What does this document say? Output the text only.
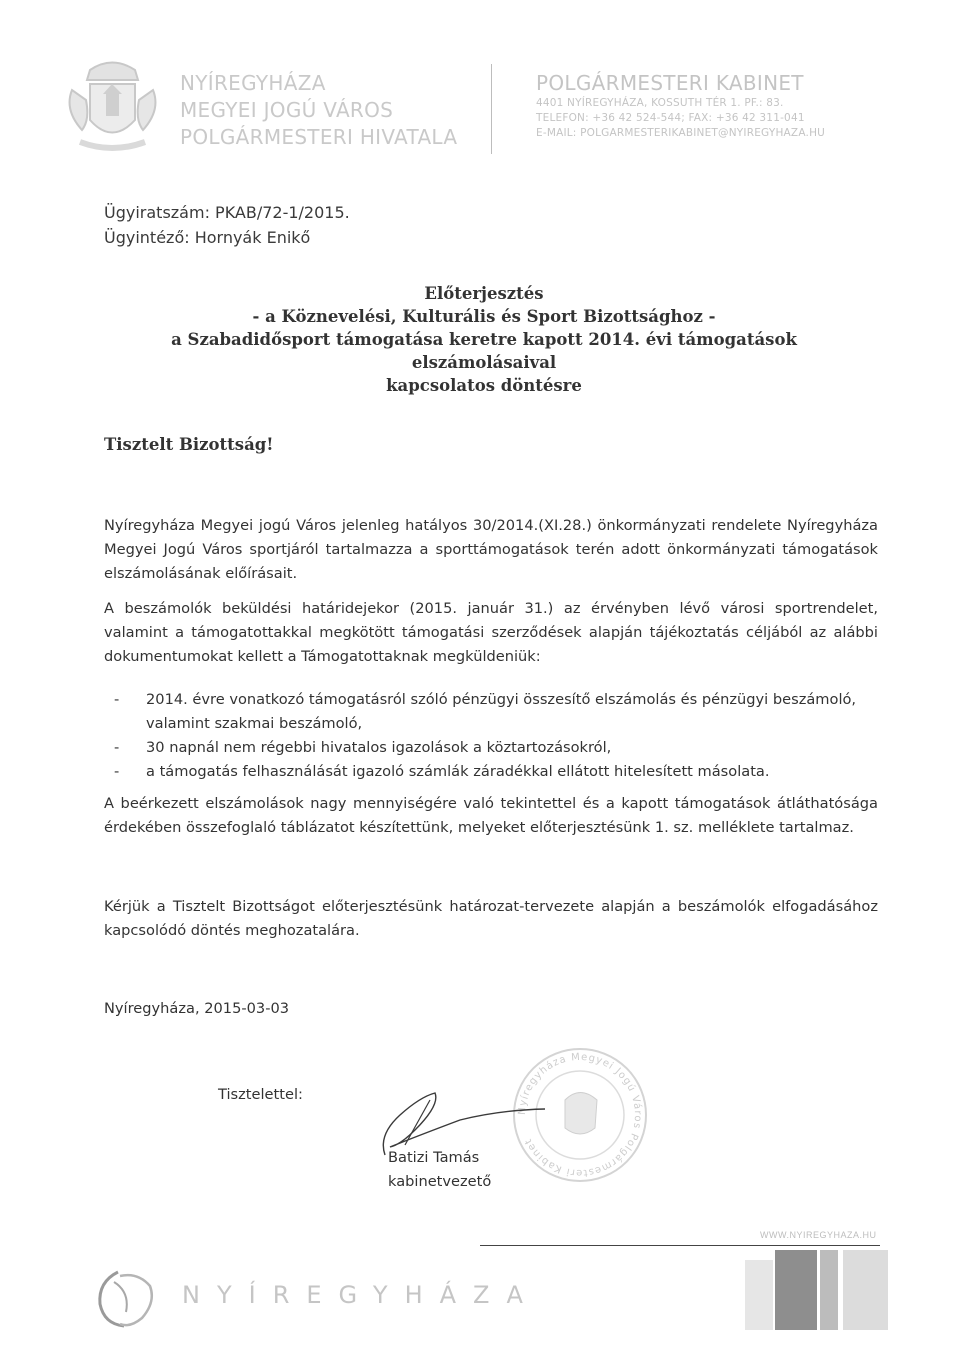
NYÍREGYHÁZA
MEGYEI JOGÚ VÁROS
POLGÁRMESTERI HIVATALA
POLGÁRMESTERI KABINET
4401 NYÍREGYHÁZA, KOSSUTH TÉR 1. PF.: 83.
TELEFON: +36 42 524-544; FAX: +36 42 311-041
E-MAIL: POLGARMESTERIKABINET@NYIREGYHAZA.HU
Ügyiratszám: PKAB/72-1/2015.
Ügyintéző: Hornyák Enikő
Előterjesztés
- a Köznevelési, Kulturális és Sport Bizottsághoz -
a Szabadidősport támogatása keretre kapott 2014. évi támogatások elszámolásaival
kapcsolatos döntésre
Tisztelt Bizottság!
Nyíregyháza Megyei jogú Város jelenleg hatályos 30/2014.(XI.28.) önkormányzati rendelete Nyíregyháza Megyei Jogú Város sportjáról tartalmazza a sporttámogatások terén adott önkormányzati támogatások elszámolásának előírásait.
A beszámolók beküldési határidejekor (2015. január 31.) az érvényben lévő városi sportrendelet, valamint a támogatottakkal megkötött támogatási szerződések alapján tájékoztatás céljából az alábbi dokumentumokat kellett a Támogatottaknak megküldeniük:
- 2014. évre vonatkozó támogatásról szóló pénzügyi összesítő elszámolás és pénzügyi beszámoló, valamint szakmai beszámoló,
- 30 napnál nem régebbi hivatalos igazolások a köztartozásokról,
- a támogatás felhasználását igazoló számlák záradékkal ellátott hitelesített másolata.
A beérkezett elszámolások nagy mennyiségére való tekintettel és a kapott támogatások átláthatósága érdekében összefoglaló táblázatot készítettünk, melyeket előterjesztésünk 1. sz. melléklete tartalmaz.
Kérjük a Tisztelt Bizottságot előterjesztésünk határozat-tervezete alapján a beszámolók elfogadásához kapcsolódó döntés meghozatalára.
Nyíregyháza, 2015-03-03
Tisztelettel:
Nyíregyháza Megyei Jogú Város Polgármesteri Kabinet
Batizi Tamás
kabinetvezető
WWW.NYIREGYHAZA.HU
NYÍREGYHÁZA
